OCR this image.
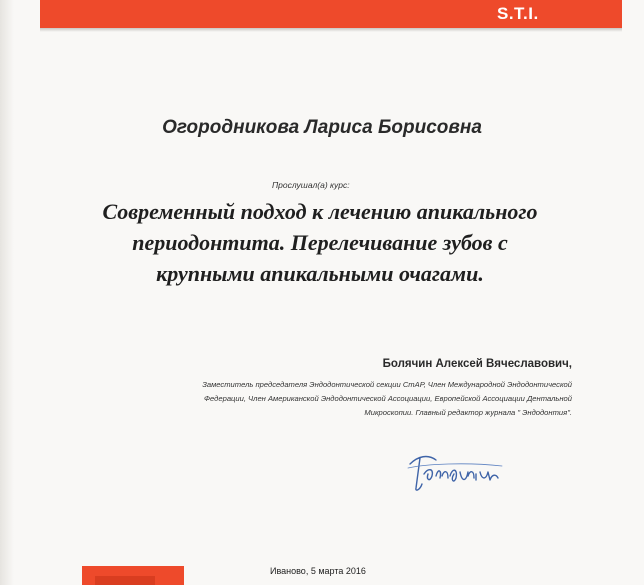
S.T.I.
Огородникова Лариса Борисовна
Прослушал(а) курс:
Современный подход к лечению апикального
периодонтита. Перелечивание зубов с
крупными апикальными очагами.
Болячин Алексей Вячеславович,
Заместитель председателя Эндодонтической секции СтАР, Член Международной Эндодонтической
Федерации, Член Американской Эндодонтической Ассоциации, Европейской Ассоциации Дентальной
Микроскопии. Главный редактор журнала " Эндодонтия".
Иваново, 5 марта 2016
